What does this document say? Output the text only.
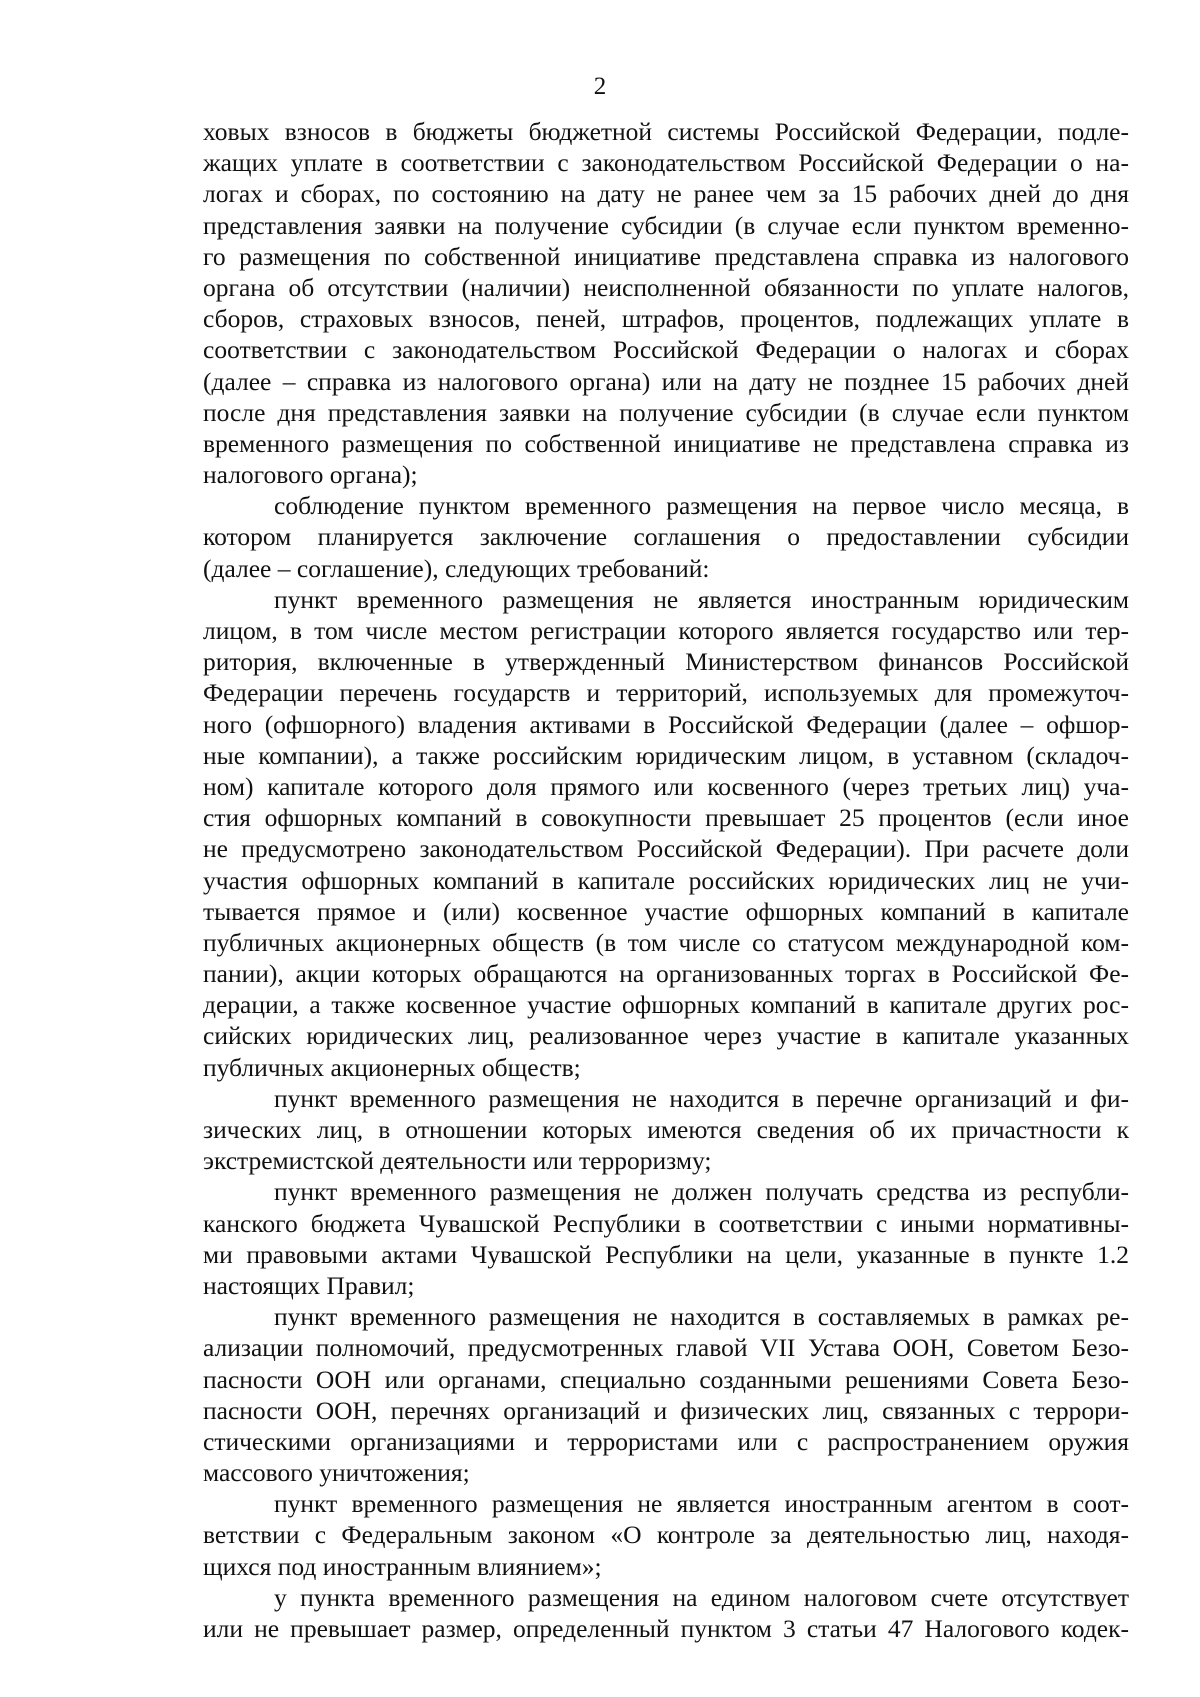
2
ховых взносов в бюджеты бюджетной системы Российской Федерации, подле-
жащих уплате в соответствии с законодательством Российской Федерации о на-
логах и сборах, по состоянию на дату не ранее чем за 15 рабочих дней до дня
представления заявки на получение субсидии (в случае если пунктом временно-
го размещения по собственной инициативе представлена справка из налогового
органа об отсутствии (наличии) неисполненной обязанности по уплате налогов,
сборов, страховых взносов, пеней, штрафов, процентов, подлежащих уплате в
соответствии с законодательством Российской Федерации о налогах и сборах
(далее – справка из налогового органа) или на дату не позднее 15 рабочих дней
после дня представления заявки на получение субсидии (в случае если пунктом
временного размещения по собственной инициативе не представлена справка из
налогового органа);
соблюдение пунктом временного размещения на первое число месяца, в
котором планируется заключение соглашения о предоставлении субсидии
(далее – соглашение), следующих требований:
пункт временного размещения не является иностранным юридическим
лицом, в том числе местом регистрации которого является государство или тер-
ритория, включенные в утвержденный Министерством финансов Российской
Федерации перечень государств и территорий, используемых для промежуточ-
ного (офшорного) владения активами в Российской Федерации (далее – офшор-
ные компании), а также российским юридическим лицом, в уставном (складоч-
ном) капитале которого доля прямого или косвенного (через третьих лиц) уча-
стия офшорных компаний в совокупности превышает 25 процентов (если иное
не предусмотрено законодательством Российской Федерации). При расчете доли
участия офшорных компаний в капитале российских юридических лиц не учи-
тывается прямое и (или) косвенное участие офшорных компаний в капитале
публичных акционерных обществ (в том числе со статусом международной ком-
пании), акции которых обращаются на организованных торгах в Российской Фе-
дерации, а также косвенное участие офшорных компаний в капитале других рос-
сийских юридических лиц, реализованное через участие в капитале указанных
публичных акционерных обществ;
пункт временного размещения не находится в перечне организаций и фи-
зических лиц, в отношении которых имеются сведения об их причастности к
экстремистской деятельности или терроризму;
пункт временного размещения не должен получать средства из республи-
канского бюджета Чувашской Республики в соответствии с иными нормативны-
ми правовыми актами Чувашской Республики на цели, указанные в пункте 1.2
настоящих Правил;
пункт временного размещения не находится в составляемых в рамках ре-
ализации полномочий, предусмотренных главой VII Устава ООН, Советом Безо-
пасности ООН или органами, специально созданными решениями Совета Безо-
пасности ООН, перечнях организаций и физических лиц, связанных с террори-
стическими организациями и террористами или с распространением оружия
массового уничтожения;
пункт временного размещения не является иностранным агентом в соот-
ветствии с Федеральным законом «О контроле за деятельностью лиц, находя-
щихся под иностранным влиянием»;
у пункта временного размещения на едином налоговом счете отсутствует
или не превышает размер, определенный пунктом 3 статьи 47 Налогового кодек-
